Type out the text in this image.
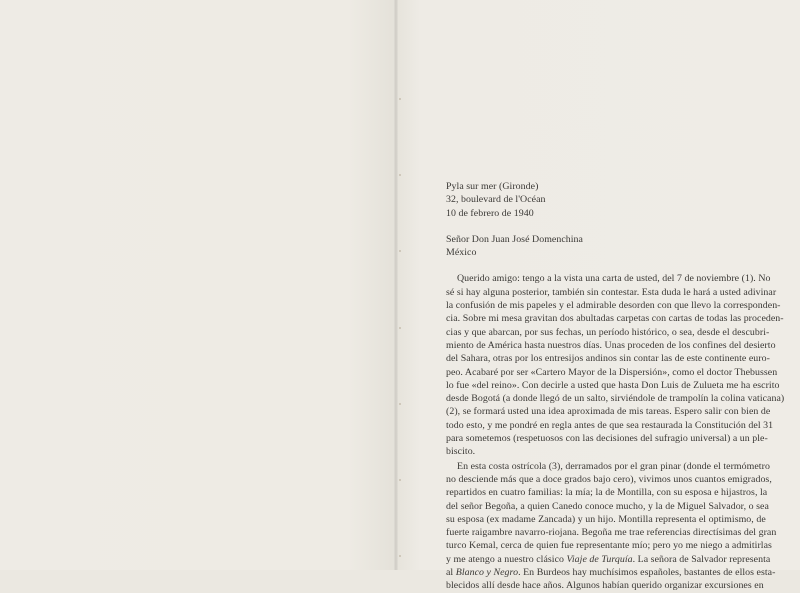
Pyla sur mer (Gironde)
32, boulevard de l'Océan
10 de febrero de 1940
Señor Don Juan José Domenchina
México
Querido amigo: tengo a la vista una carta de usted, del 7 de noviembre (1). No
sé si hay alguna posterior, también sin contestar. Esta duda le hará a usted adivinar
la confusión de mis papeles y el admirable desorden con que llevo la corresponden-
cia. Sobre mi mesa gravitan dos abultadas carpetas con cartas de todas las proceden-
cias y que abarcan, por sus fechas, un período histórico, o sea, desde el descubri-
miento de América hasta nuestros días. Unas proceden de los confines del desierto
del Sahara, otras por los entresijos andinos sin contar las de este continente euro-
peo. Acabaré por ser «Cartero Mayor de la Dispersión», como el doctor Thebussen
lo fue «del reino». Con decirle a usted que hasta Don Luis de Zulueta me ha escrito
desde Bogotá (a donde llegó de un salto, sirviéndole de trampolín la colina vaticana)
(2), se formará usted una idea aproximada de mis tareas. Espero salir con bien de
todo esto, y me pondré en regla antes de que sea restaurada la Constitución del 31
para sometemos (respetuosos con las decisiones del sufragio universal) a un ple-
biscito.
En esta costa ostrícola (3), derramados por el gran pinar (donde el termómetro
no desciende más que a doce grados bajo cero), vivimos unos cuantos emigrados,
repartidos en cuatro familias: la mía; la de Montilla, con su esposa e hijastros, la
del señor Begoña, a quien Canedo conoce mucho, y la de Miguel Salvador, o sea
su esposa (ex madame Zancada) y un hijo. Montilla representa el optimismo, de
fuerte raigambre navarro-riojana. Begoña me trae referencias directísimas del gran
turco Kemal, cerca de quien fue representante mío; pero yo me niego a admitirlas
y me atengo a nuestro clásico Viaje de Turquía. La señora de Salvador representa
al Blanco y Negro. En Burdeos hay muchísimos españoles, bastantes de ellos esta-
blecidos allí desde hace años. Algunos habían querido organizar excursiones en
